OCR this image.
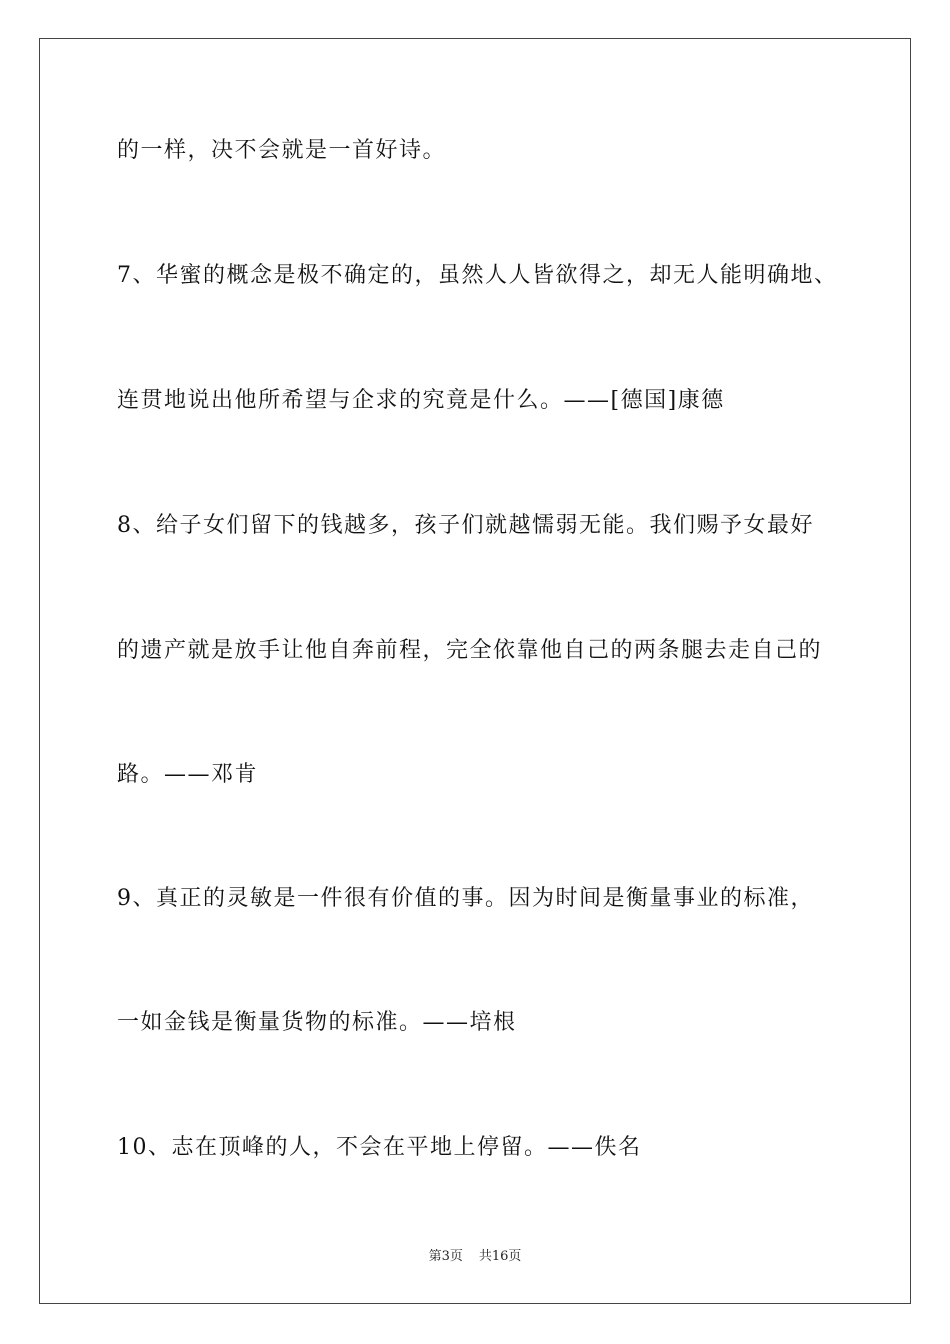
的一样，决不会就是一首好诗。
7、华蜜的概念是极不确定的，虽然人人皆欲得之，却无人能明确地、
连贯地说出他所希望与企求的究竟是什么。——[德国]康德
8、给子女们留下的钱越多，孩子们就越懦弱无能。我们赐予女最好
的遗产就是放手让他自奔前程，完全依靠他自己的两条腿去走自己的
路。——邓肯
9、真正的灵敏是一件很有价值的事。因为时间是衡量事业的标准，
一如金钱是衡量货物的标准。——培根
10、志在顶峰的人，不会在平地上停留。——佚名
第3页 共16页
